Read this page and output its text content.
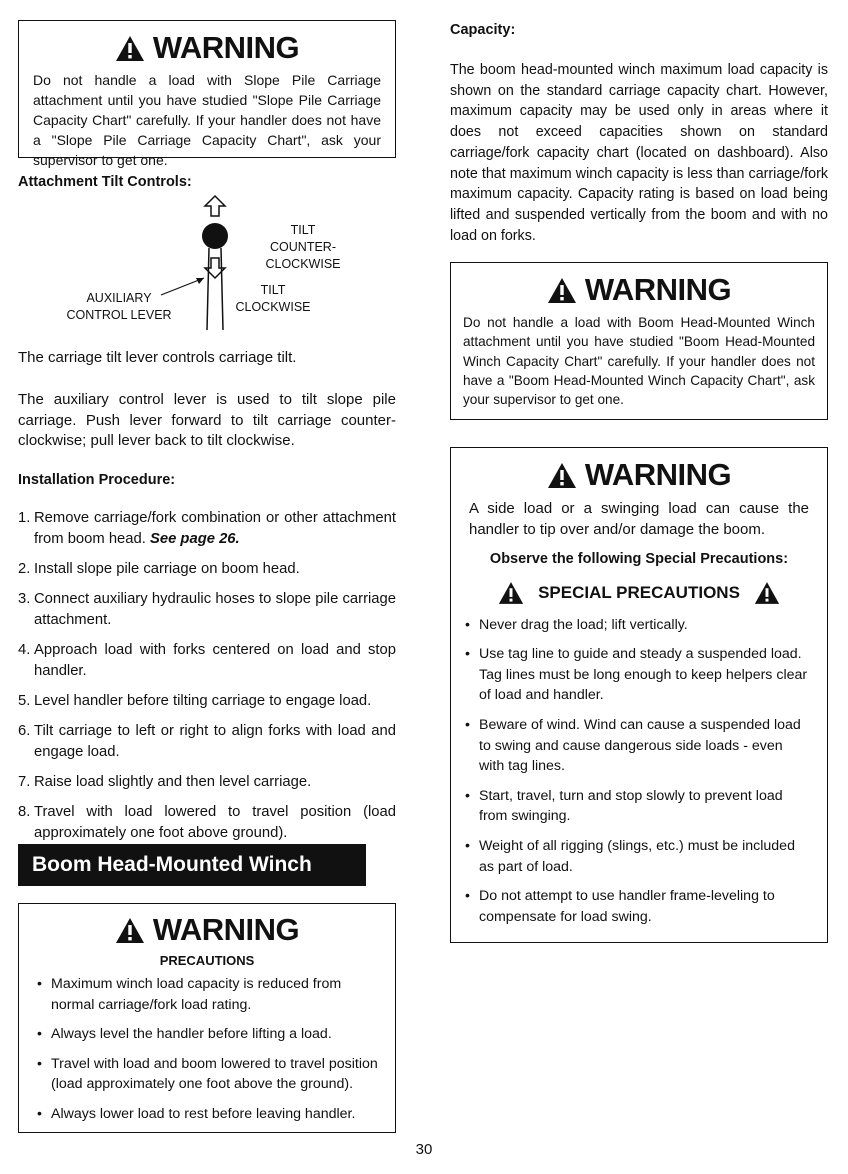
WARNING

Do not handle a load with Slope Pile Carriage attachment until you have studied "Slope Pile Carriage Capacity Chart" carefully. If your handler does not have a "Slope Pile Carriage Capacity Chart", ask your supervisor to get one.

Attachment Tilt Controls:

TILT
COUNTER-CLOCKWISE
TILT
CLOCKWISE
AUXILIARY
CONTROL LEVER

The carriage tilt lever controls carriage tilt.

The auxiliary control lever is used to tilt slope pile carriage. Push lever forward to tilt carriage counter-clockwise; pull lever back to tilt clockwise.

Installation Procedure:

1. Remove carriage/fork combination or other attachment from boom head. See page 26.
2. Install slope pile carriage on boom head.
3. Connect auxiliary hydraulic hoses to slope pile carriage attachment.
4. Approach load with forks centered on load and stop handler.
5. Level handler before tilting carriage to engage load.
6. Tilt carriage to left or right to align forks with load and engage load.
7. Raise load slightly and then level carriage.
8. Travel with load lowered to travel position (load approximately one foot above ground).
Boom Head-Mounted Winch
WARNING
PRECAUTIONS
• Maximum winch load capacity is reduced from normal carriage/fork load rating.
• Always level the handler before lifting a load.
• Travel with load and boom lowered to travel position (load approximately one foot above the ground).
• Always lower load to rest before leaving handler.

Capacity:

The boom head-mounted winch maximum load capacity is shown on the standard carriage capacity chart. However, maximum capacity may be used only in areas where it does not exceed capacities shown on standard carriage/fork capacity chart (located on dashboard). Also note that maximum winch capacity is less than carriage/fork maximum capacity. Capacity rating is based on load being lifted and suspended vertically from the boom and with no load on forks.

WARNING

Do not handle a load with Boom Head-Mounted Winch attachment until you have studied "Boom Head-Mounted Winch Capacity Chart" carefully. If your handler does not have a "Boom Head-Mounted Winch Capacity Chart", ask your supervisor to get one.

WARNING

A side load or a swinging load can cause the handler to tip over and/or damage the boom.

Observe the following Special Precautions:

SPECIAL PRECAUTIONS
• Never drag the load; lift vertically.
• Use tag line to guide and steady a suspended load. Tag lines must be long enough to keep helpers clear of load and handler.
• Beware of wind. Wind can cause a suspended load to swing and cause dangerous side loads - even with tag lines.
• Start, travel, turn and stop slowly to prevent load from swinging.
• Weight of all rigging (slings, etc.) must be included as part of load.
• Do not attempt to use handler frame-leveling to compensate for load swing.
30
